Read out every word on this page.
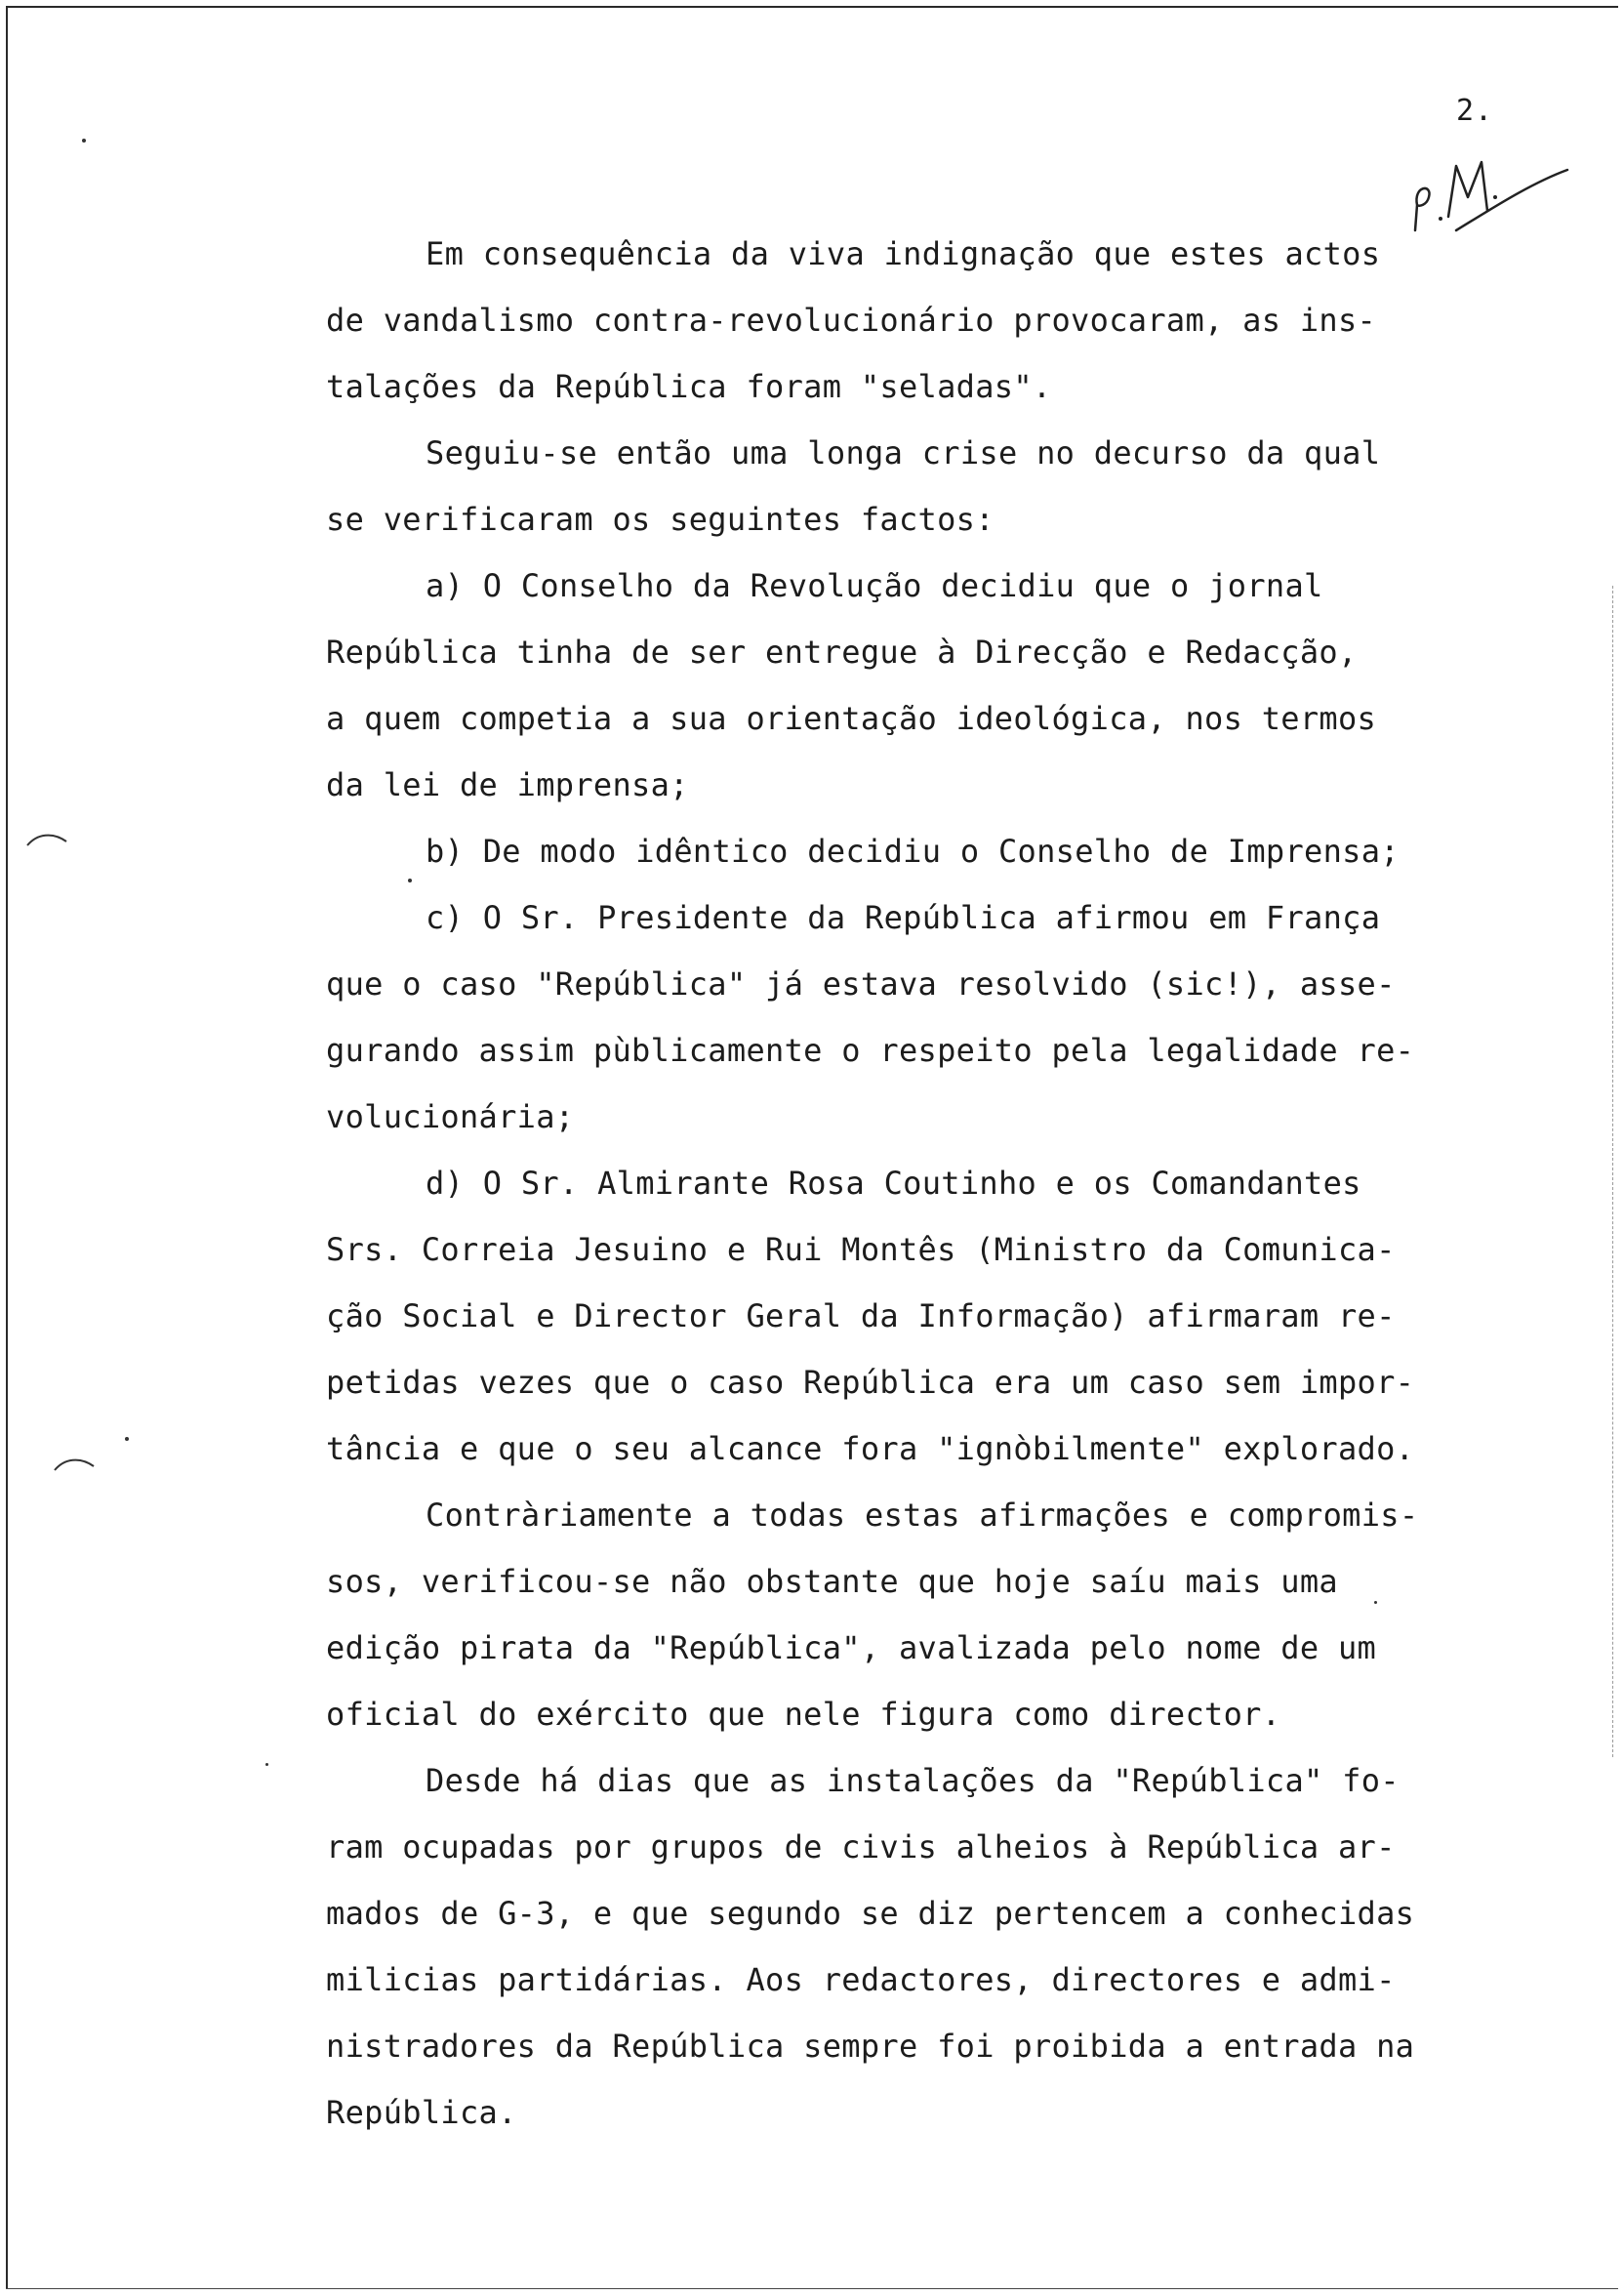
2.
Em consequência da viva indignação que estes actos
de vandalismo contra-revolucionário provocaram, as ins-
talações da República foram "seladas".
Seguiu-se então uma longa crise no decurso da qual
se verificaram os seguintes factos:
a) O Conselho da Revolução decidiu que o jornal
República tinha de ser entregue à Direcção e Redacção,
a quem competia a sua orientação ideológica, nos termos
da lei de imprensa;
b) De modo idêntico decidiu o Conselho de Imprensa;
c) O Sr. Presidente da República afirmou em França
que o caso "República" já estava resolvido (sic!), asse-
gurando assim pùblicamente o respeito pela legalidade re-
volucionária;
d) O Sr. Almirante Rosa Coutinho e os Comandantes
Srs. Correia Jesuino e Rui Montês (Ministro da Comunica-
ção Social e Director Geral da Informação) afirmaram re-
petidas vezes que o caso República era um caso sem impor-
tância e que o seu alcance fora "ignòbilmente" explorado.
Contràriamente a todas estas afirmações e compromis-
sos, verificou-se não obstante que hoje saíu mais uma
edição pirata da "República", avalizada pelo nome de um
oficial do exército que nele figura como director.
Desde há dias que as instalações da "República" fo-
ram ocupadas por grupos de civis alheios à República ar-
mados de G-3, e que segundo se diz pertencem a conhecidas
milicias partidárias. Aos redactores, directores e admi-
nistradores da República sempre foi proibida a entrada na
República.
